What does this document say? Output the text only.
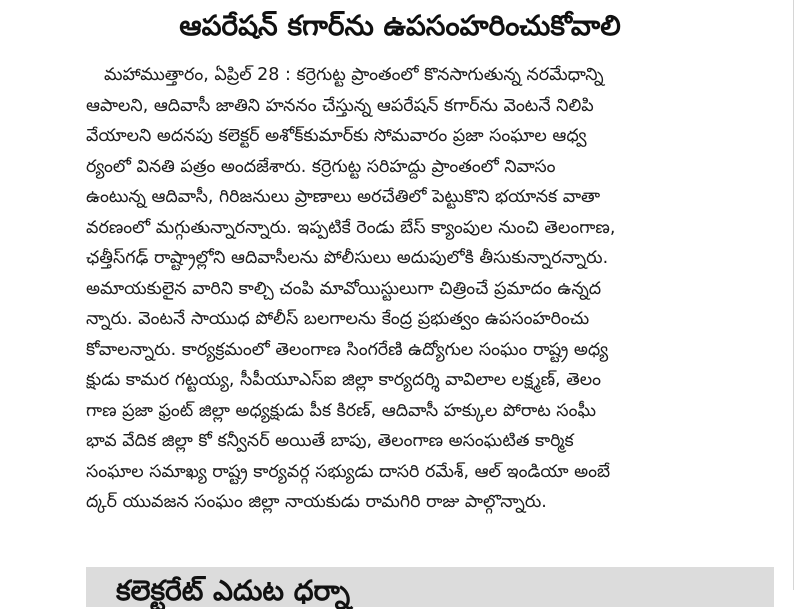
ఆపరేషన్ కగార్‌ను ఉపసంహరించుకోవాలి
మహాముత్తారం, ఏప్రిల్ 28 : కర్రెగుట్ట ప్రాంతంలో కొనసాగుతున్న నరమేధాన్ని
ఆపాలని, ఆదివాసీ జాతిని హననం చేస్తున్న ఆపరేషన్ కగార్‌ను వెంటనే నిలిపి
వేయాలని అదనపు కలెక్టర్ అశోక్‌కుమార్‌కు సోమవారం ప్రజా సంఘాల ఆధ్వ
ర్యంలో వినతి పత్రం అందజేశారు. కర్రెగుట్ట సరిహద్దు ప్రాంతంలో నివాసం
ఉంటున్న ఆదివాసీ, గిరిజనులు ప్రాణాలు అరచేతిలో పెట్టుకొని భయానక వాతా
వరణంలో మగ్గుతున్నారన్నారు. ఇప్పటికే రెండు బేస్ క్యాంపుల నుంచి తెలంగాణ,
ఛత్తీస్‌గఢ్ రాష్ట్రాల్లోని ఆదివాసీలను పోలీసులు అదుపులోకి తీసుకున్నారన్నారు.
అమాయకులైన వారిని కాల్చి చంపి మావోయిస్టులుగా చిత్రించే ప్రమాదం ఉన్నద
న్నారు. వెంటనే సాయుధ పోలీస్ బలగాలను కేంద్ర ప్రభుత్వం ఉపసంహరించు
కోవాలన్నారు. కార్యక్రమంలో తెలంగాణ సింగరేణి ఉద్యోగుల సంఘం రాష్ట్ర అధ్య
క్షుడు కామర గట్టయ్య, సీపీయూఎస్‌ఐ జిల్లా కార్యదర్శి వావిలాల లక్ష్మణ్, తెలం
గాణ ప్రజా ఫ్రంట్ జిల్లా అధ్యక్షుడు పీక కిరణ్, ఆదివాసీ హక్కుల పోరాట సంఘీ
భావ వేదిక జిల్లా కో కన్వీనర్ అయితే బాపు, తెలంగాణ అసంఘటిత కార్మిక
సంఘాల సమాఖ్య రాష్ట్ర కార్యవర్గ సభ్యుడు దాసరి రమేశ్, ఆల్ ఇండియా అంబే
ద్కర్ యువజన సంఘం జిల్లా నాయకుడు రామగిరి రాజు పాల్గొన్నారు.
కలెక్టరేట్‌ ఎదుట ధర్నా
